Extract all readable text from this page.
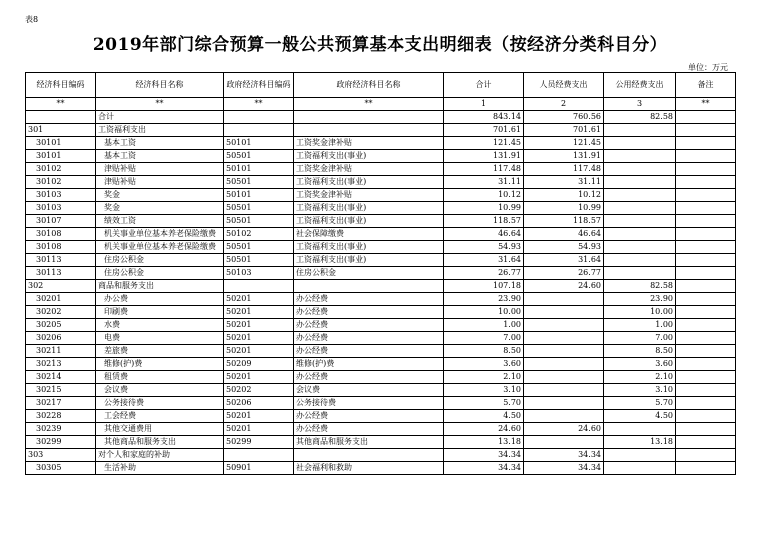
表8
2019年部门综合预算一般公共预算基本支出明细表（按经济分类科目分）
单位：万元
经济科目编码	经济科目名称	政府经济科目编码	政府经济科目名称	合计	人员经费支出	公用经费支出	备注
**	**	**	**	1	2	3	**
	合计			843.14	760.56	82.58	
301	工资福利支出			701.61	701.61		
30101	基本工资	50101	工资奖金津补贴	121.45	121.45		
30101	基本工资	50501	工资福利支出(事业)	131.91	131.91		
30102	津贴补贴	50101	工资奖金津补贴	117.48	117.48		
30102	津贴补贴	50501	工资福利支出(事业)	31.11	31.11		
30103	奖金	50101	工资奖金津补贴	10.12	10.12		
30103	奖金	50501	工资福利支出(事业)	10.99	10.99		
30107	绩效工资	50501	工资福利支出(事业)	118.57	118.57		
30108	机关事业单位基本养老保险缴费	50102	社会保障缴费	46.64	46.64		
30108	机关事业单位基本养老保险缴费	50501	工资福利支出(事业)	54.93	54.93		
30113	住房公积金	50501	工资福利支出(事业)	31.64	31.64		
30113	住房公积金	50103	住房公积金	26.77	26.77		
302	商品和服务支出			107.18	24.60	82.58	
30201	办公费	50201	办公经费	23.90		23.90	
30202	印刷费	50201	办公经费	10.00		10.00	
30205	水费	50201	办公经费	1.00		1.00	
30206	电费	50201	办公经费	7.00		7.00	
30211	差旅费	50201	办公经费	8.50		8.50	
30213	维修(护)费	50209	维修(护)费	3.60		3.60	
30214	租赁费	50201	办公经费	2.10		2.10	
30215	会议费	50202	会议费	3.10		3.10	
30217	公务接待费	50206	公务接待费	5.70		5.70	
30228	工会经费	50201	办公经费	4.50		4.50	
30239	其他交通费用	50201	办公经费	24.60	24.60		
30299	其他商品和服务支出	50299	其他商品和服务支出	13.18		13.18	
303	对个人和家庭的补助			34.34	34.34		
30305	生活补助	50901	社会福利和救助	34.34	34.34		
